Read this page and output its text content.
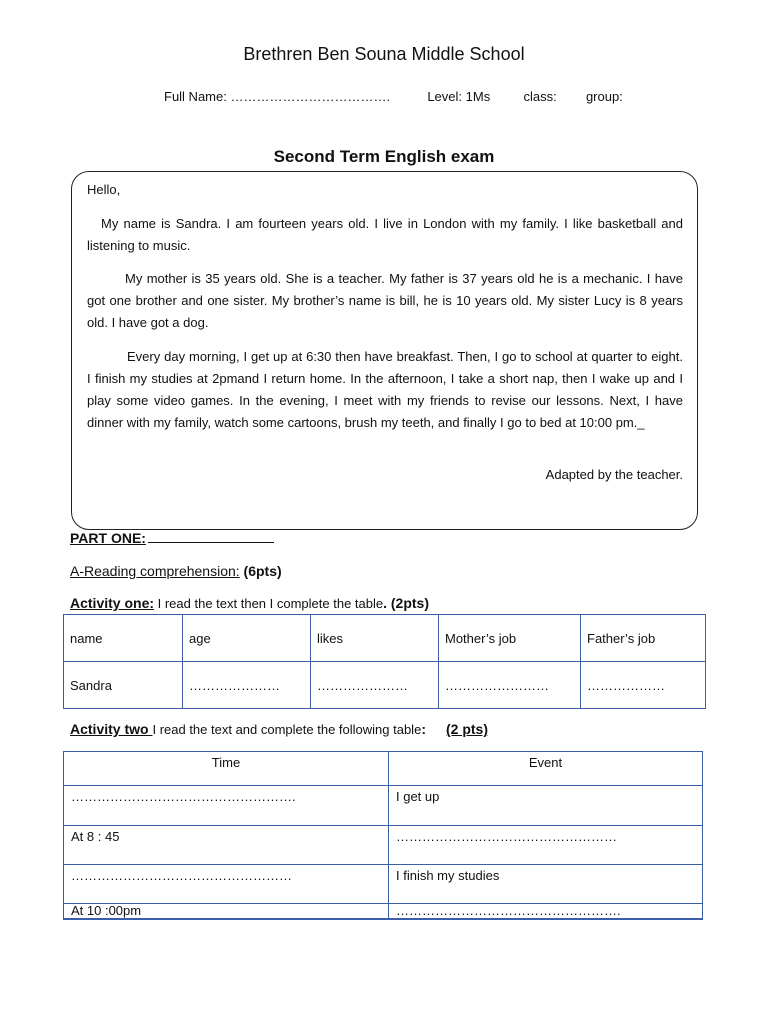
Brethren Ben Souna Middle School
Full Name: ……………………………….	Level: 1Ms	class: group:
Second Term English exam
Hello,
My name is Sandra. I am fourteen years old. I live in London with my family. I like basketball and listening to music.
My mother is 35 years old. She is a teacher. My father is 37 years old he is a mechanic. I have got one brother and one sister. My brother’s name is bill, he is 10 years old. My sister Lucy is 8 years old. I have got a dog.
Every day morning, I get up at 6:30 then have breakfast. Then, I go to school at quarter to eight. I finish my studies at 2pmand I return home. In the afternoon, I take a short nap, then I wake up and I play some video games. In the evening, I meet with my friends to revise our lessons. Next, I have dinner with my family, watch some cartoons, brush my teeth, and finally I go to bed at 10:00 pm._
Adapted by the teacher.
PART ONE:
A-Reading comprehension: (6pts)
Activity one: I read the text then I complete the table. (2pts)
name	age	likes	Mother’s job	Father’s job
Sandra	…………………	…………………	……………………	………………
Activity two I read the text and complete the following table: (2 pts)
Time	Event
…………………………………………….	I get up
At 8 : 45	……………………………………………
……………………………………………	I finish my studies
At 10 :00pm	…………………………………………….
